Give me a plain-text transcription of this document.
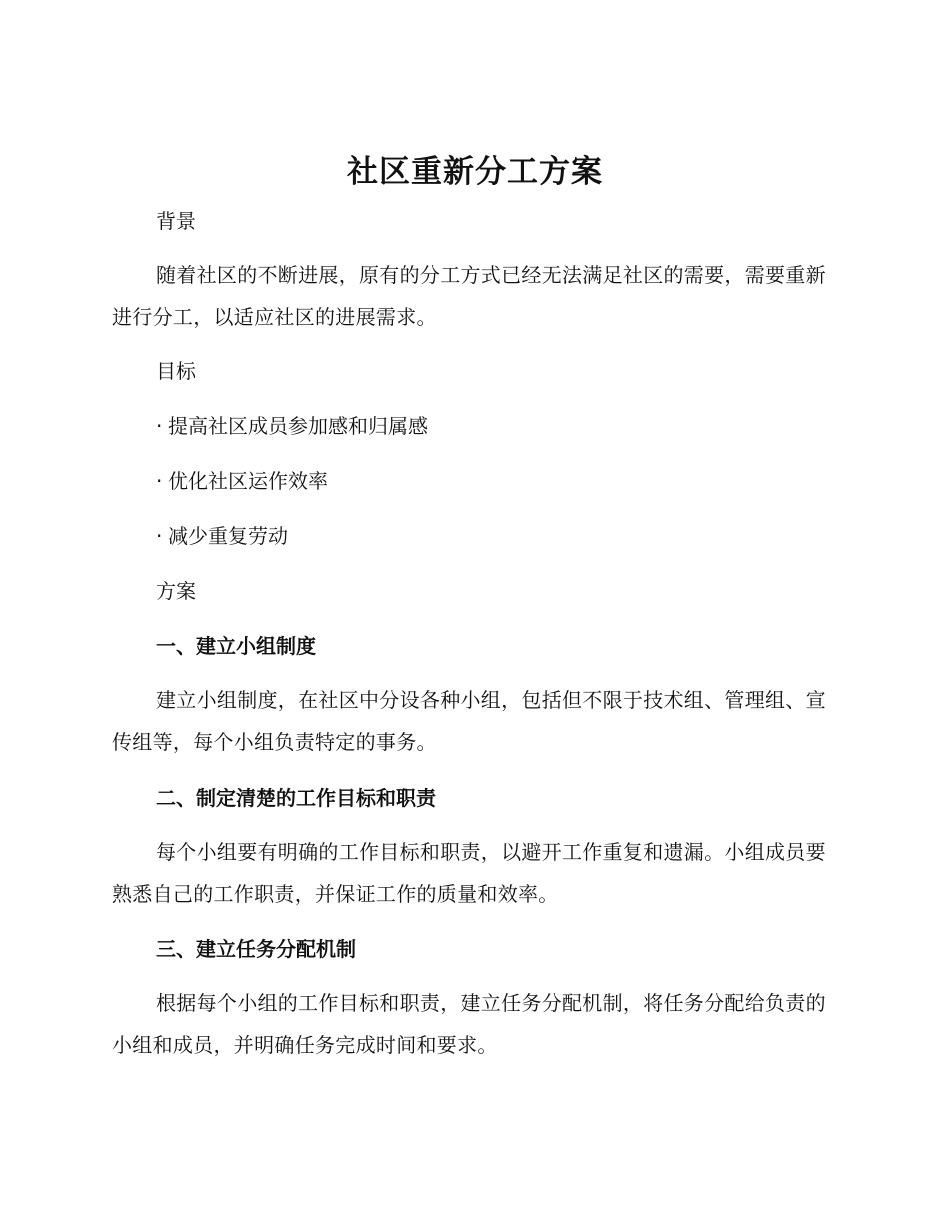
社区重新分工方案
背景
随着社区的不断进展，原有的分工方式已经无法满足社区的需要，需要重新进行分工，以适应社区的进展需求。
目标
· 提高社区成员参加感和归属感
· 优化社区运作效率
· 减少重复劳动
方案
一、建立小组制度
建立小组制度，在社区中分设各种小组，包括但不限于技术组、管理组、宣传组等，每个小组负责特定的事务。
二、制定清楚的工作目标和职责
每个小组要有明确的工作目标和职责，以避开工作重复和遗漏。小组成员要熟悉自己的工作职责，并保证工作的质量和效率。
三、建立任务分配机制
根据每个小组的工作目标和职责，建立任务分配机制，将任务分配给负责的小组和成员，并明确任务完成时间和要求。
